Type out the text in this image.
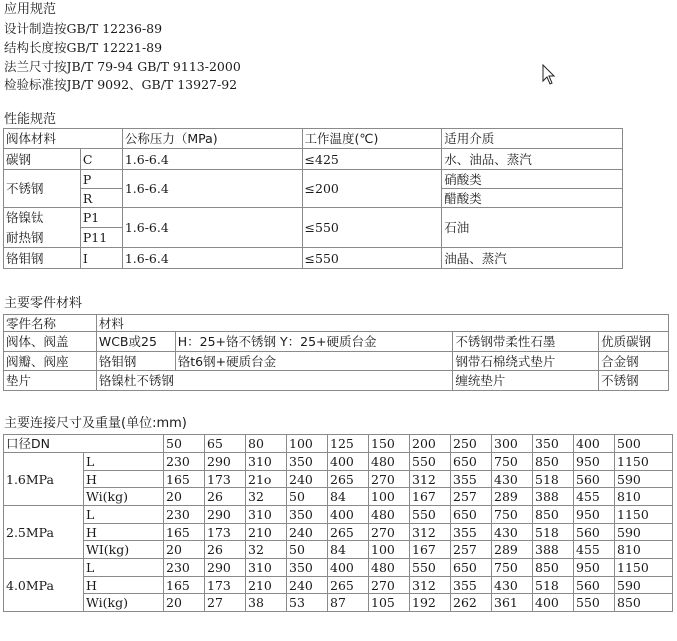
应用规范
设计制造按GB/T 12236-89
结构长度按GB/T 12221-89
法兰尺寸按JB/T 79-94 GB/T 9113-2000
检验标准按JB/T 9092、GB/T 13927-92
性能规范
阀体材料		公称压力（MPa)	工作温度(℃)	适用介质
碳钢	C	1.6-6.4	≤425	水、油品、蒸汽
不锈钢	P	1.6-6.4	≤200	硝酸类
	R			醋酸类
铬镍钛	P1	1.6-6.4	≤550	石油
耐热钢	P11			
铬钼钢	I	1.6-6.4	≤550	油晶、蒸汽
主要零件材料
零件名称	材料			
阀体、阀盖	WCB或25	H：25+铬不锈钢 Y：25+硬质台金	不锈钢带柔性石墨	优质碳钢
阀瓣、阀座	铬钼钢	铬t6钢+硬质台金	钢带石棉绕式垫片	合金钢
垫片	铬镍杜不锈钢		缠统垫片	不锈钢
主要连接尺寸及重量(单位:mm)
口径DN		50	65	80	100	125	150	200	250	300	350	400	500
1.6MPa	L	230	290	310	350	400	480	550	650	750	850	950	1150
	H	165	173	21o	240	265	270	312	355	430	518	560	590
	Wi(kg)	20	26	32	50	84	100	167	257	289	388	455	810
2.5MPa	L	230	290	310	350	400	480	550	650	750	850	950	1150
	H	165	173	210	240	265	270	312	355	430	518	560	590
	WI(kg)	20	26	32	50	84	100	167	257	289	388	455	810
4.0MPa	L	230	290	310	350	400	480	550	650	750	850	950	1150
	H	165	173	210	240	265	270	312	355	430	518	560	590
	Wi(kg)	20	27	38	53	87	105	192	262	361	400	550	850
